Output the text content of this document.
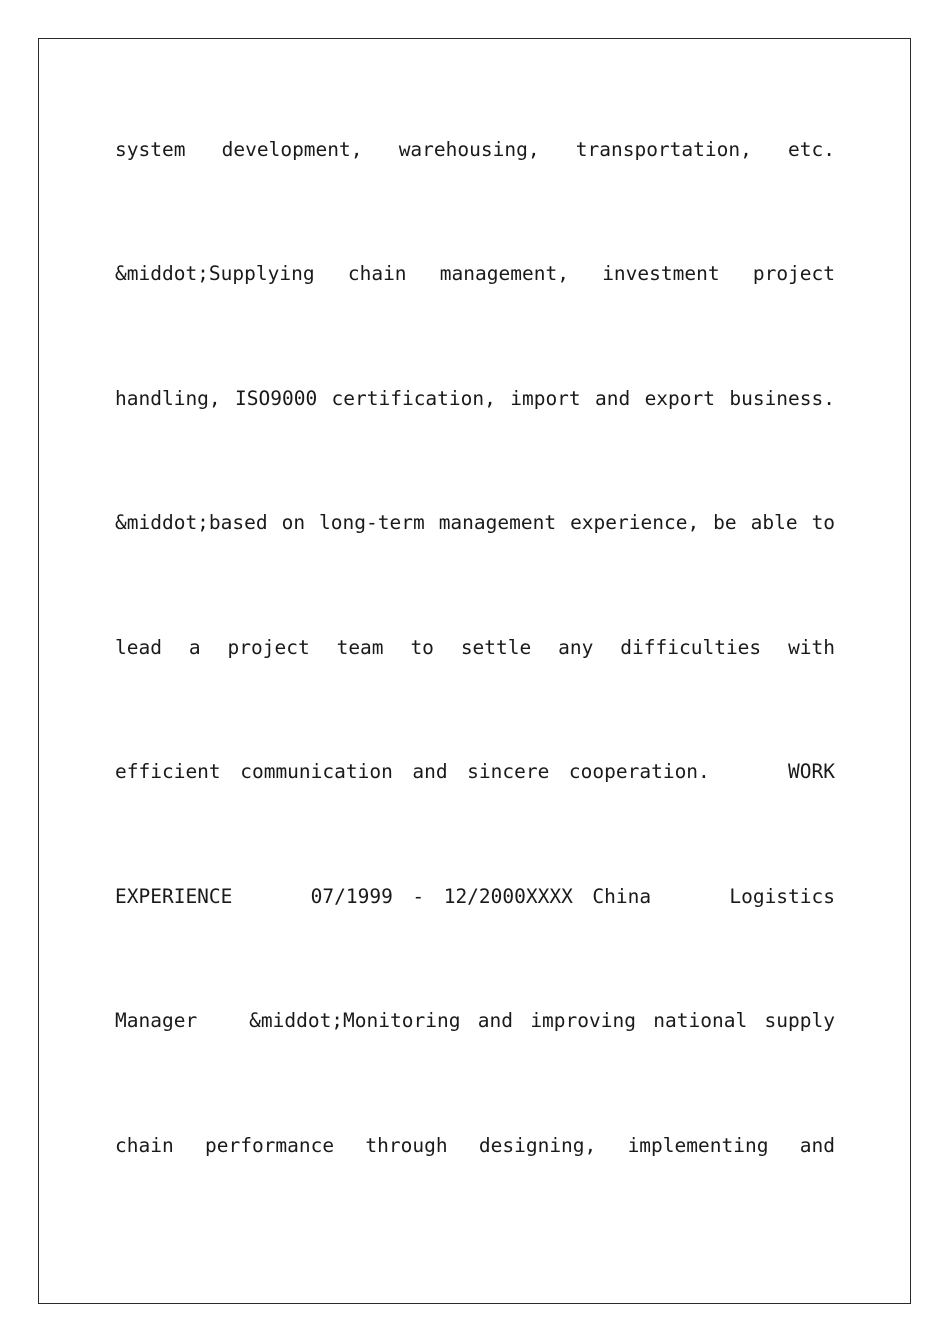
system development, warehousing, transportation, etc.
&middot;Supplying chain management, investment project
handling, ISO9000 certification, import and export business.
&middot;based on long-term management experience, be able to
lead a project team to settle any difficulties with
efficient communication and sincere cooperation.	WORK
EXPERIENCE	07/1999 - 12/2000XXXX China	Logistics
Manager	&middot;Monitoring and improving national supply
chain performance through designing, implementing and
